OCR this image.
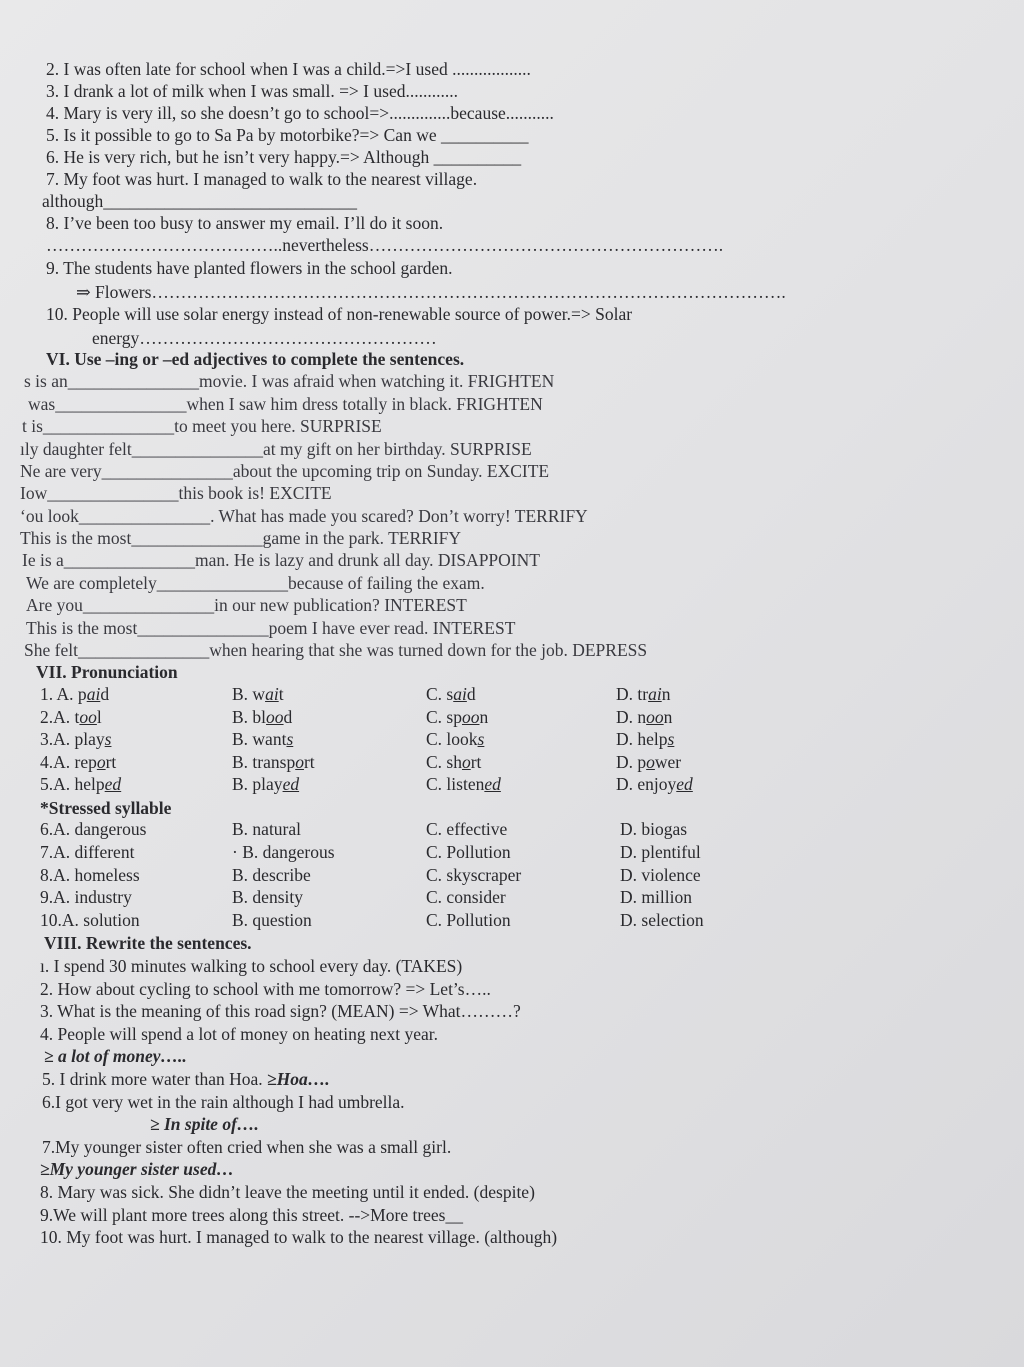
2. I was often late for school when I was a child.=>I used ..................
3. I drank a lot of milk when I was small. => I used............
4. Mary is very ill, so she doesn’t go to school=>..............because...........
5. Is it possible to go to Sa Pa by motorbike?=> Can we __________
6. He is very rich, but he isn’t very happy.=> Although __________
7. My foot was hurt. I managed to walk to the nearest village.
although_____________________________
8. I’ve been too busy to answer my email. I’ll do it soon.
…………………………………..nevertheless…………………………………………………….
9. The students have planted flowers in the school garden.
⇒ Flowers……………………………………………………………………………………………….
10. People will use solar energy instead of non-renewable source of power.=> Solar
energy……………………………………………
VI. Use –ing or –ed adjectives to complete the sentences.
s is an_______________movie. I was afraid when watching it. FRIGHTEN
was_______________when I saw him dress totally in black. FRIGHTEN
t is_______________to meet you here. SURPRISE
ıly daughter felt_______________at my gift on her birthday. SURPRISE
Ne are very_______________about the upcoming trip on Sunday. EXCITE
Iow_______________this book is! EXCITE
ʻou look_______________. What has made you scared? Don’t worry! TERRIFY
This is the most_______________game in the park. TERRIFY
Ie is a_______________man. He is lazy and drunk all day. DISAPPOINT
We are completely_______________because of failing the exam.
Are you_______________in our new publication? INTEREST
This is the most_______________poem I have ever read. INTEREST
She felt_______________when hearing that she was turned down for the job. DEPRESS
VII. Pronunciation
*Stressed syllable
VIII. Rewrite the sentences.
1. A. paid	B. wait	C. said	D. train
2.A. tool	B. blood	C. spoon	D. noon
3.A. plays	B. wants	C. looks	D. helps
4.A. report	B. transport	C. short	D. power
5.A. helped	B. played	C. listened	D. enjoyed
6.A. dangerous	B. natural	C. effective	D. biogas
7.A. different	· B. dangerous	C. Pollution	D. plentiful
8.A. homeless	B. describe	C. skyscraper	D. violence
9.A. industry	B. density	C. consider	D. million
10.A. solution	B. question	C. Pollution	D. selection
ı. I spend 30 minutes walking to school every day. (TAKES)
2. How about cycling to school with me tomorrow? => Let’s…..
3. What is the meaning of this road sign? (MEAN) => What………?
4. People will spend a lot of money on heating next year.
≥ a lot of money…..
5. I drink more water than Hoa. ≥Hoa….
6.I got very wet in the rain although I had umbrella.
≥ In spite of….
7.My younger sister often cried when she was a small girl.
≥My younger sister used…
8. Mary was sick. She didn’t leave the meeting until it ended. (despite)
9.We will plant more trees along this street. -->More trees__
10. My foot was hurt. I managed to walk to the nearest village. (although)
